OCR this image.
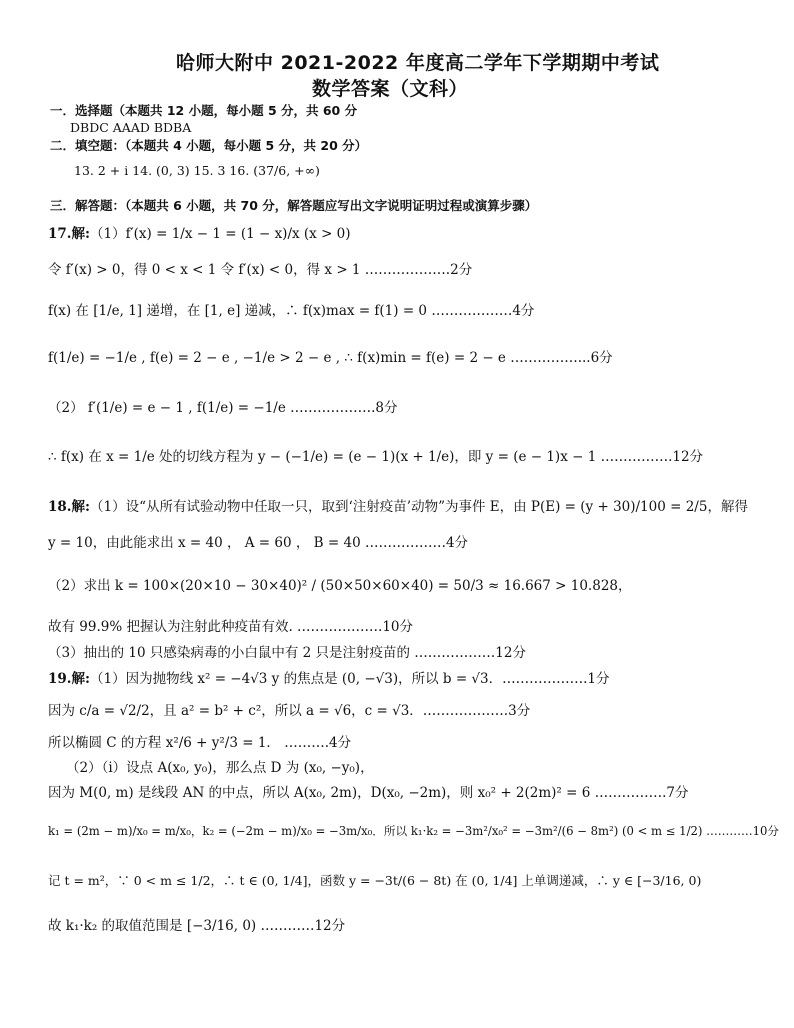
哈师大附中 2021-2022 年度高二学年下学期期中考试
数学答案（文科）
一．选择题（本题共 12 小题，每小题 5 分，共 60 分
DBDC AAAD BDBA
二．填空题：（本题共 4 小题，每小题 5 分，共 20 分）
13. 2 + i 14. (0, 3) 15. 3 16. (37/6, +∞)
三．解答题：（本题共 6 小题，共 70 分，解答题应写出文字说明证明过程或演算步骤）
17.解: （1）f′(x) = 1/x − 1 = (1 − x)/x (x > 0)
令 f′(x) > 0，得 0 < x < 1 令 f′(x) < 0，得 x > 1 ……………….2分
f(x) 在 [1/e, 1] 递增，在 [1, e] 递减，∴ f(x)max = f(1) = 0 ………………4分
f(1/e) = −1/e , f(e) = 2 − e , −1/e > 2 − e , ∴ f(x)min = f(e) = 2 − e ……………...6分
（2） f′(1/e) = e − 1 , f(1/e) = −1/e ……………….8分
∴ f(x) 在 x = 1/e 处的切线方程为 y − (−1/e) = (e − 1)(x + 1/e)，即 y = (e − 1)x − 1 …………….12分
18.解: （1）设“从所有试验动物中任取一只，取到‘注射疫苗’动物”为事件 E，由 P(E) = (y + 30)/100 = 2/5，解得
y = 10，由此能求出 x = 40 ， A = 60 ， B = 40 ………………4分
（2）求出 k = 100×(20×10 − 30×40)² / (50×50×60×40) = 50/3 ≈ 16.667 > 10.828，
故有 99.9% 把握认为注射此种疫苗有效. ……………….10分
（3）抽出的 10 只感染病毒的小白鼠中有 2 只是注射疫苗的 ………………12分
19.解: （1）因为抛物线 x² = −4√3 y 的焦点是 (0, −√3)，所以 b = √3．……………….1分
因为 c/a = √2/2，且 a² = b² + c²，所以 a = √6，c = √3．……………….3分
所以椭圆 C 的方程 x²/6 + y²/3 = 1． ……….4分
（2）（i）设点 A(x₀, y₀)，那么点 D 为 (x₀, −y₀)，
因为 M(0, m) 是线段 AN 的中点，所以 A(x₀, 2m)，D(x₀, −2m)，则 x₀² + 2(2m)² = 6 …………….7分
k₁ = (2m − m)/x₀ = m/x₀，k₂ = (−2m − m)/x₀ = −3m/x₀．所以 k₁·k₂ = −3m²/x₀² = −3m²/(6 − 8m²) (0 < m ≤ 1/2) …………10分
记 t = m²，∵ 0 < m ≤ 1/2，∴ t ∈ (0, 1/4]，函数 y = −3t/(6 − 8t) 在 (0, 1/4] 上单调递减，∴ y ∈ [−3/16, 0)
故 k₁·k₂ 的取值范围是 [−3/16, 0) …………12分
